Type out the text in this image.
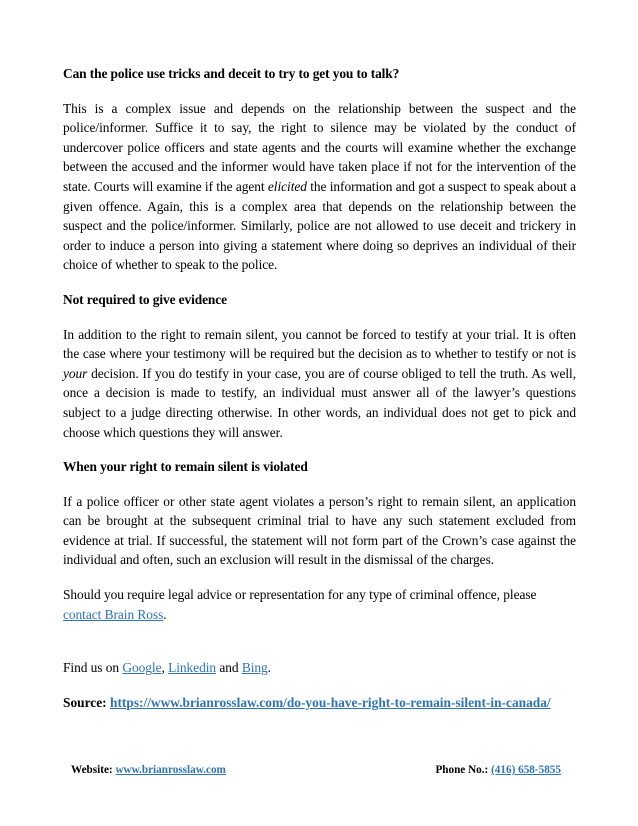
Can the police use tricks and deceit to try to get you to talk?
This is a complex issue and depends on the relationship between the suspect and the police/informer. Suffice it to say, the right to silence may be violated by the conduct of undercover police officers and state agents and the courts will examine whether the exchange between the accused and the informer would have taken place if not for the intervention of the state. Courts will examine if the agent elicited the information and got a suspect to speak about a given offence. Again, this is a complex area that depends on the relationship between the suspect and the police/informer. Similarly, police are not allowed to use deceit and trickery in order to induce a person into giving a statement where doing so deprives an individual of their choice of whether to speak to the police.
Not required to give evidence
In addition to the right to remain silent, you cannot be forced to testify at your trial. It is often the case where your testimony will be required but the decision as to whether to testify or not is your decision. If you do testify in your case, you are of course obliged to tell the truth. As well, once a decision is made to testify, an individual must answer all of the lawyer’s questions subject to a judge directing otherwise. In other words, an individual does not get to pick and choose which questions they will answer.
When your right to remain silent is violated
If a police officer or other state agent violates a person’s right to remain silent, an application can be brought at the subsequent criminal trial to have any such statement excluded from evidence at trial. If successful, the statement will not form part of the Crown’s case against the individual and often, such an exclusion will result in the dismissal of the charges.
Should you require legal advice or representation for any type of criminal offence, please contact Brain Ross.
Find us on Google, Linkedin and Bing.
Source: https://www.brianrosslaw.com/do-you-have-right-to-remain-silent-in-canada/
Website: www.brianrosslaw.com	Phone No.: (416) 658-5855
